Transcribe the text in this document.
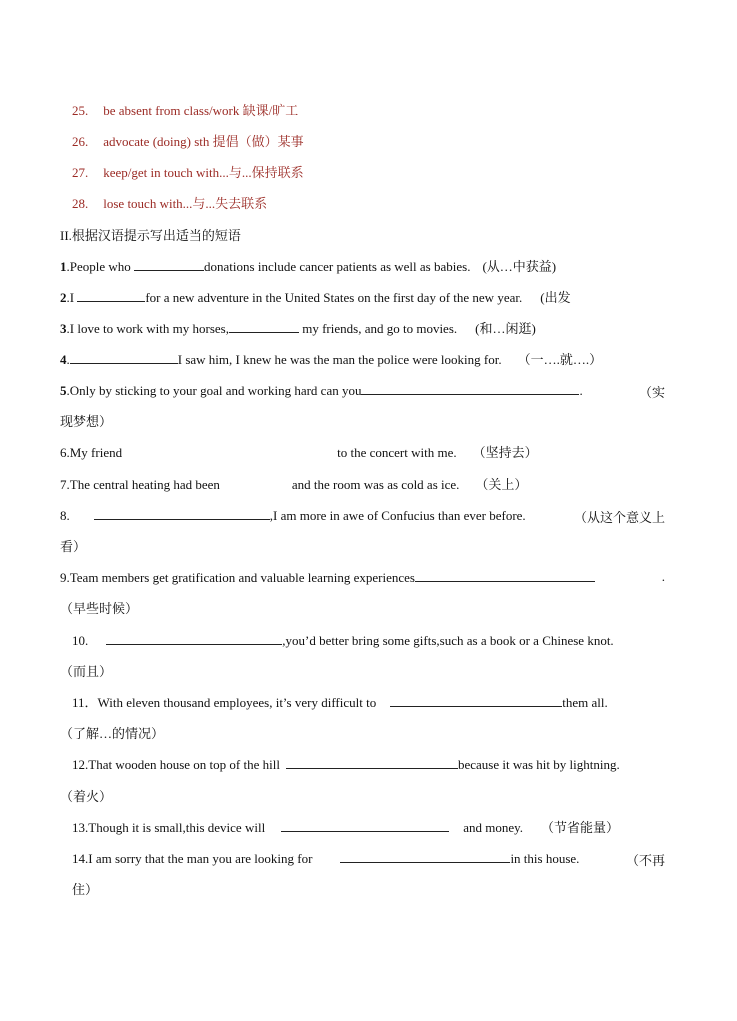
25. be absent from class/work 缺课/旷工
26. advocate (doing) sth 提倡（做）某事
27. keep/get in touch with...与...保持联系
28. lose touch with...与...失去联系
II.根据汉语提示写出适当的短语
1.People who	donations include cancer patients as well as babies. (从…中获益)
2.I	for a new adventure in the United States on the first day of the new year. (出发
3.I love to work with my horses,	my friends, and go to movies. (和…闲逛)
4.	I saw him, I knew he was the man the police were looking for. （一….就….）
5.Only by sticking to your goal and working hard can you	.	（实
现梦想）
6.My friend	to the concert with me. （坚持去）
7.The central heating had been	and the room was as cold as ice. （关上）
8.	,I am more in awe of Confucius than ever before.	（从这个意义上
看）
9.Team members get gratification and valuable learning experiences	.
（早些时候）
10.	,you’d better bring some gifts,such as a book or a Chinese knot.
（而且）
11．With eleven thousand employees, it’s very difficult to	them all.
（了解…的情况）
12.That wooden house on top of the hill	because it was hit by lightning.
（着火）
13.Though it is small,this device will	and money. （节省能量）
14.I am sorry that the man you are looking for	in this house.	（不再
住）
